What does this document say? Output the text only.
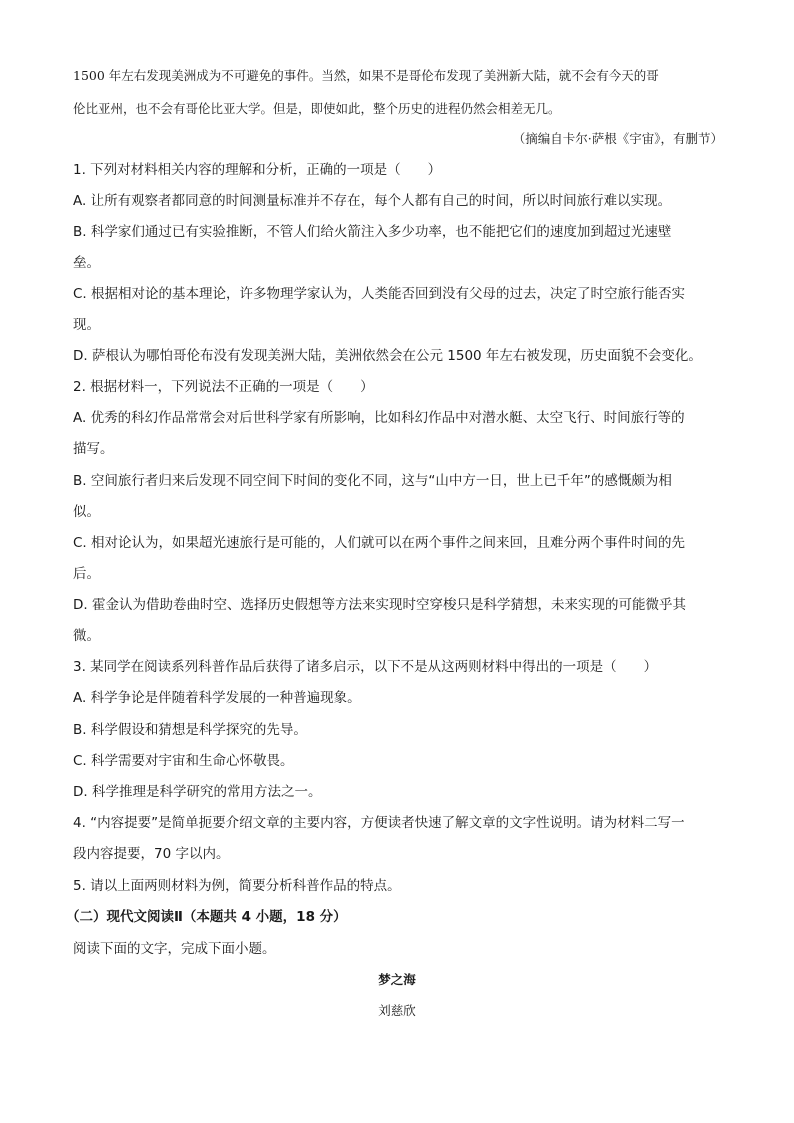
1500 年左右发现美洲成为不可避免的事件。当然，如果不是哥伦布发现了美洲新大陆，就不会有今天的哥
伦比亚州，也不会有哥伦比亚大学。但是，即使如此，整个历史的进程仍然会相差无几。
（摘编自卡尔·萨根《宇宙》，有删节）
1. 下列对材料相关内容的理解和分析，正确的一项是（　　）
A. 让所有观察者都同意的时间测量标准并不存在，每个人都有自己的时间，所以时间旅行难以实现。
B. 科学家们通过已有实验推断，不管人们给火箭注入多少功率，也不能把它们的速度加到超过光速壁
垒。
C. 根据相对论的基本理论，许多物理学家认为，人类能否回到没有父母的过去，决定了时空旅行能否实
现。
D. 萨根认为哪怕哥伦布没有发现美洲大陆，美洲依然会在公元 1500 年左右被发现，历史面貌不会变化。
2. 根据材料一，下列说法不正确的一项是（　　）
A. 优秀的科幻作品常常会对后世科学家有所影响，比如科幻作品中对潜水艇、太空飞行、时间旅行等的
描写。
B. 空间旅行者归来后发现不同空间下时间的变化不同，这与“山中方一日，世上已千年”的感慨颇为相
似。
C. 相对论认为，如果超光速旅行是可能的，人们就可以在两个事件之间来回，且难分两个事件时间的先
后。
D. 霍金认为借助卷曲时空、选择历史假想等方法来实现时空穿梭只是科学猜想，未来实现的可能微乎其
微。
3. 某同学在阅读系列科普作品后获得了诸多启示，以下不是从这两则材料中得出的一项是（　　）
A. 科学争论是伴随着科学发展的一种普遍现象。
B. 科学假设和猜想是科学探究的先导。
C. 科学需要对宇宙和生命心怀敬畏。
D. 科学推理是科学研究的常用方法之一。
4. “内容提要”是简单扼要介绍文章的主要内容，方便读者快速了解文章的文字性说明。请为材料二写一
段内容提要，70 字以内。
5. 请以上面两则材料为例，简要分析科普作品的特点。
（二）现代文阅读Ⅱ（本题共 4 小题，18 分）
阅读下面的文字，完成下面小题。
梦之海
刘慈欣
